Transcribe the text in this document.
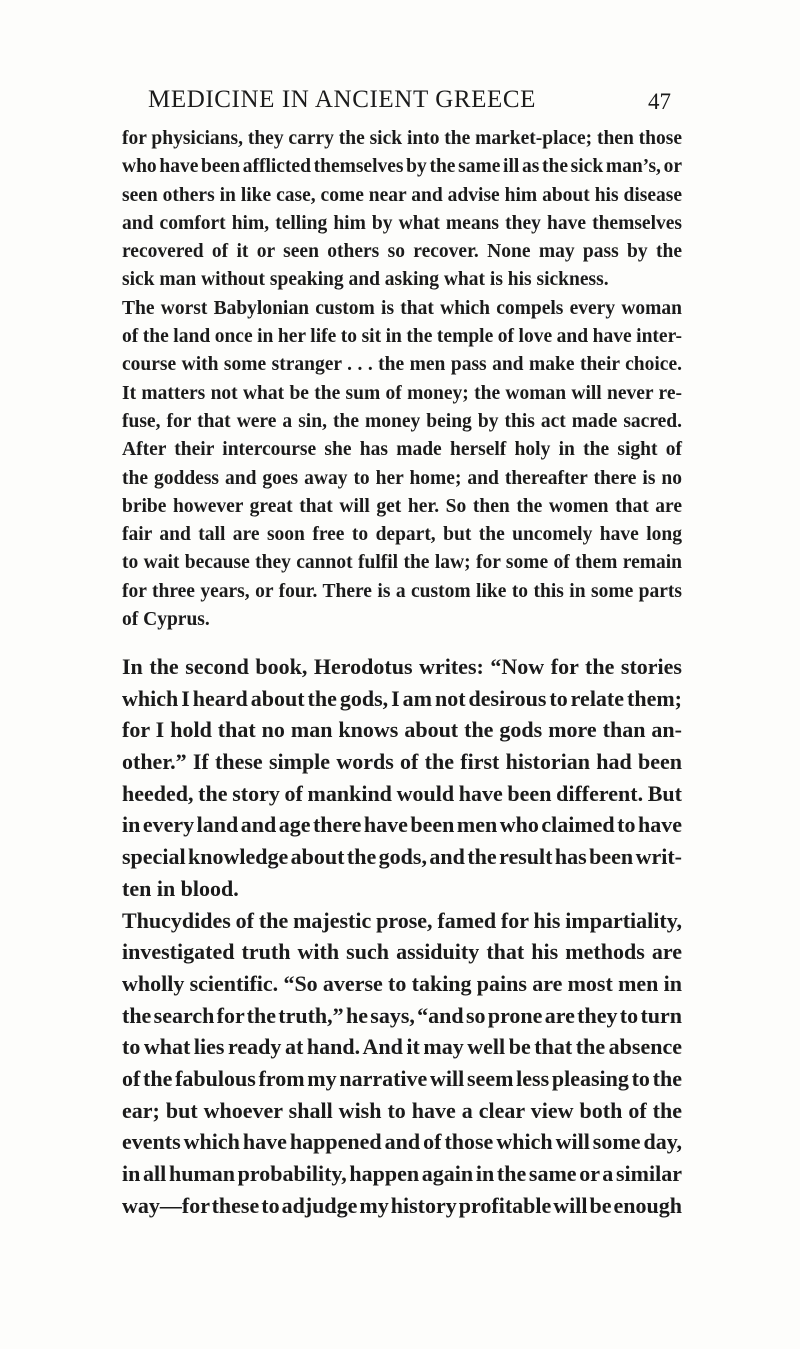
MEDICINE IN ANCIENT GREECE	47
for physicians, they carry the sick into the market-place; then those
who have been afflicted themselves by the same ill as the sick man’s, or
seen others in like case, come near and advise him about his disease
and comfort him, telling him by what means they have themselves
recovered of it or seen others so recover. None may pass by the
sick man without speaking and asking what is his sickness.
The worst Babylonian custom is that which compels every woman
of the land once in her life to sit in the temple of love and have inter-
course with some stranger . . . the men pass and make their choice.
It matters not what be the sum of money; the woman will never re-
fuse, for that were a sin, the money being by this act made sacred.
After their intercourse she has made herself holy in the sight of
the goddess and goes away to her home; and thereafter there is no
bribe however great that will get her. So then the women that are
fair and tall are soon free to depart, but the uncomely have long
to wait because they cannot fulfil the law; for some of them remain
for three years, or four. There is a custom like to this in some parts
of Cyprus.
In the second book, Herodotus writes: “Now for the stories
which I heard about the gods, I am not desirous to relate them;
for I hold that no man knows about the gods more than an-
other.” If these simple words of the first historian had been
heeded, the story of mankind would have been different. But
in every land and age there have been men who claimed to have
special knowledge about the gods, and the result has been writ-
ten in blood.
Thucydides of the majestic prose, famed for his impartiality,
investigated truth with such assiduity that his methods are
wholly scientific. “So averse to taking pains are most men in
the search for the truth,” he says, “and so prone are they to turn
to what lies ready at hand. And it may well be that the absence
of the fabulous from my narrative will seem less pleasing to the
ear; but whoever shall wish to have a clear view both of the
events which have happened and of those which will some day,
in all human probability, happen again in the same or a similar
way—for these to adjudge my history profitable will be enough
